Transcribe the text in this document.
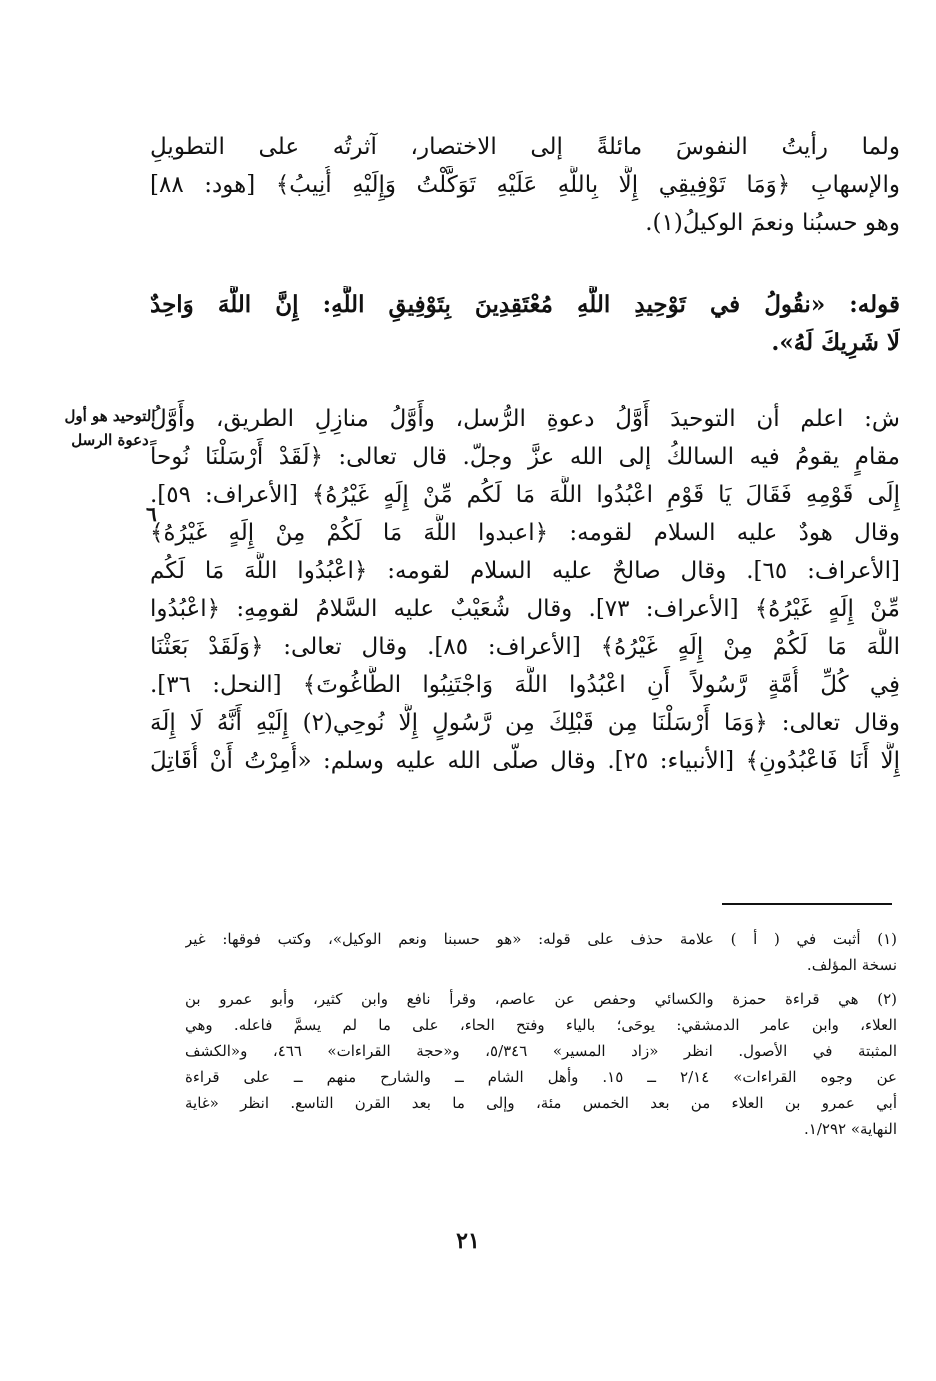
ولما رأيتُ النفوسَ مائلةً إلى الاختصار، آثرتُه على التطويلِ
والإسهابِ ﴿وَمَا تَوْفِيقِي إِلَّا بِاللَّهِ عَلَيْهِ تَوَكَّلْتُ وَإِلَيْهِ أُنِيبُ﴾ [هود: ٨٨]
وهو حسبُنا ونعمَ الوكيلُ(١).
قوله: «نقُولُ في تَوْحِيدِ اللَّهِ مُعْتَقِدِينَ بِتَوْفِيقِ اللَّهِ: إِنَّ اللَّهَ وَاحِدٌ
لَا شَرِيكَ لَهُ».
ش: اعلم أن التوحيدَ أَوَّلُ دعوةِ الرُّسل، وأَوَّلُ منازِلِ الطريق، وأَوَّلُ
مقامٍ يقومُ فيه السالكُ إلى الله عزَّ وجلّ. قال تعالى: ﴿لَقَدْ أَرْسَلْنَا نُوحاً
إِلَى قَوْمِهِ فَقَالَ يَا قَوْمِ اعْبُدُوا اللَّهَ مَا لَكُم مِّنْ إِلَهٍ غَيْرُهُ﴾ [الأعراف: ٥٩].
وقال هودٌ عليه السلام لقومه: ﴿اعبدوا اللَّهَ مَا لَكُمْ مِنْ إِلَهٍ غَيْرُهُ﴾
[الأعراف: ٦٥]. وقال صالحٌ عليه السلام لقومه: ﴿اعْبُدُوا اللَّهَ مَا لَكُم
مِّنْ إِلَهٍ غَيْرُهُ﴾ [الأعراف: ٧٣]. وقال شُعَيْبٌ عليه السَّلامُ لقومِهِ: ﴿اعْبُدُوا
اللَّهَ مَا لَكُمْ مِنْ إِلَهٍ غَيْرُهُ﴾ [الأعراف: ٨٥]. وقال تعالى: ﴿وَلَقَدْ بَعَثْنَا
فِي كُلِّ أُمَّةٍ رَّسُولاً أَنِ اعْبُدُوا اللَّهَ وَاجْتَنِبُوا الطَّاغُوتَ﴾ [النحل: ٣٦].
وقال تعالى: ﴿وَمَا أَرْسَلْنَا مِن قَبْلِكَ مِن رَّسُولٍ إِلَّا نُوحِي(٢) إِلَيْهِ أَنَّهُ لَا إِلَهَ
إِلَّا أَنَا فَاعْبُدُونِ﴾ [الأنبياء: ٢٥]. وقال صلّى الله عليه وسلم: «أُمِرْتُ أَنْ أُقَاتِلَ
التوحيد هو أول
دعوة الرسل
٦
(١) أثبت في ( أ ) علامة حذف على قوله: «هو حسبنا ونعم الوكيل»، وكتب فوقها: غير
نسخة المؤلف.
(٢) هي قراءة حمزة والكسائي وحفص عن عاصم، وقرأ نافع وابن كثير، وأبو عمرو بن
العلاء، وابن عامر الدمشقي: يوحَى؛ بالياء وفتح الحاء، على ما لم يسمَّ فاعله. وهي
المثبتة في الأصول. انظر «زاد المسير» ٥/٣٤٦، و«حجة القراءات» ٤٦٦، و«الكشف
عن وجوه القراءات» ٢/١٤ ــ ١٥. وأهل الشام ــ والشارح منهم ــ على قراءة
أبي عمرو بن العلاء من بعد الخمس مئة، وإلى ما بعد القرن التاسع. انظر «غاية
النهاية» ١/٢٩٢.
٢١
